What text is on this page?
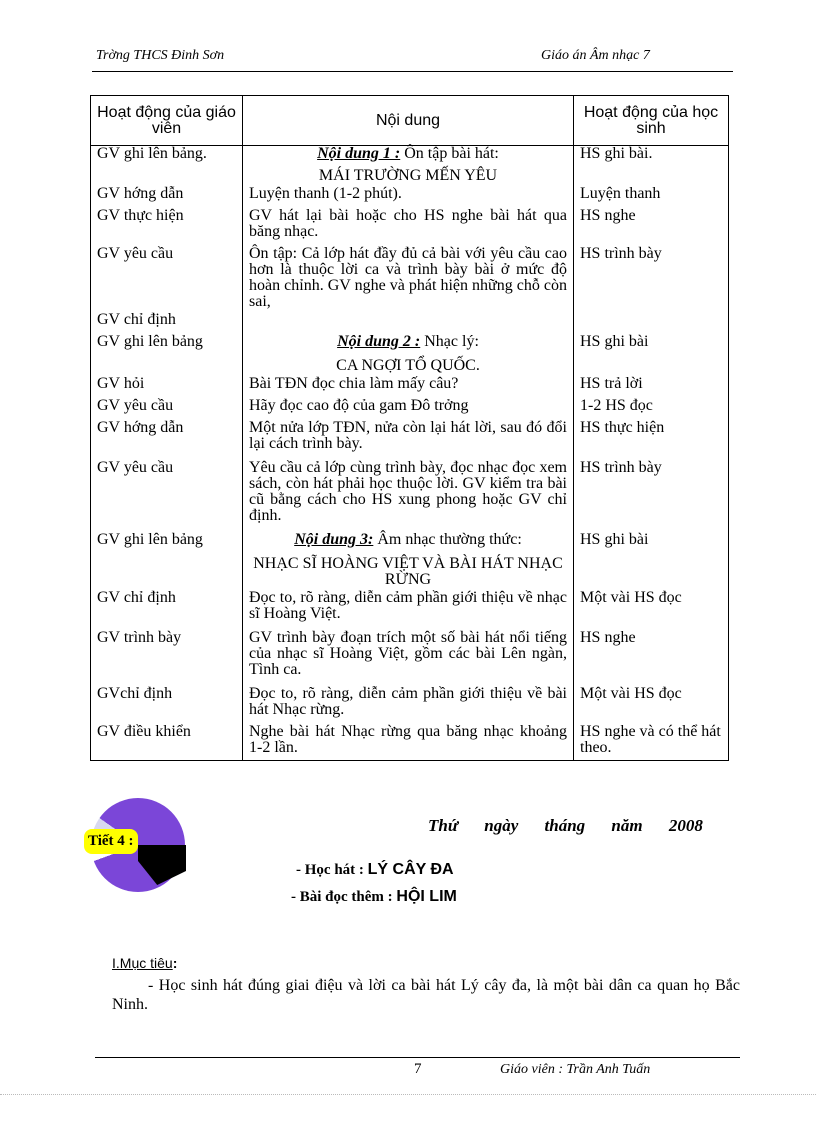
Trờng THCS Đinh Sơn	Giáo án Âm nhạc 7
Hoạt động của giáo viên	Nội dung	Hoạt động của học sinh
GV ghi lên bảng.	Nội dung 1 : Ôn tập bài hát:	HS ghi bài.
	MÁI TRƯỜNG MẾN YÊU	
GV hớng dẫn	Luyện thanh (1-2 phút).	Luyện thanh
GV thực hiện	GV hát lại bài hoặc cho HS nghe bài hát qua băng nhạc.	HS nghe
GV yêu cầu	Ôn tập: Cả lớp hát đầy đủ cả bài với yêu cầu cao hơn là thuộc lời ca và trình bày bài ở mức độ hoàn chỉnh. GV nghe và phát hiện những chỗ còn sai,	HS trình bày
GV chỉ định		
GV ghi lên bảng	Nội dung 2 : Nhạc lý:	HS ghi bài
	CA NGỢI TỔ QUỐC.	
GV hỏi	Bài TĐN đọc chia làm mấy câu?	HS trả lời
GV yêu cầu	Hãy đọc cao độ của gam Đô trởng	1-2 HS đọc
GV hớng dẫn	Một nửa lớp TĐN, nửa còn lại hát lời, sau đó đổi lại cách trình bày.	HS thực hiện
GV yêu cầu	Yêu cầu cả lớp cùng trình bày, đọc nhạc đọc xem sách, còn hát phải học thuộc lời. GV kiểm tra bài cũ bằng cách cho HS xung phong hoặc GV chỉ định.	HS trình bày
GV ghi lên bảng	Nội dung 3: Âm nhạc thường thức:	HS ghi bài
	NHẠC SĨ HOÀNG VIỆT VÀ BÀI HÁT NHẠC RỪNG	
GV chỉ định	Đọc to, rõ ràng, diễn cảm phần giới thiệu về nhạc sĩ Hoàng Việt.	Một vài HS đọc
GV trình bày	GV trình bày đoạn trích một số bài hát nổi tiếng của nhạc sĩ Hoàng Việt, gồm các bài Lên ngàn, Tình ca.	HS nghe
GVchỉ định	Đọc to, rõ ràng, diễn cảm phần giới thiệu về bài hát Nhạc rừng.	Một vài HS đọc
GV điều khiển	Nghe bài hát Nhạc rừng qua băng nhạc khoảng 1-2 lần.	HS nghe và có thể hát theo.
Tiết 4 :
Thứ ngày tháng năm 2008
- Học hát : LÝ CÂY ĐA
- Bài đọc thêm : HỘI LIM
I.Mục tiêu:
- Học sinh hát đúng giai điệu và lời ca bài hát Lý cây đa, là một bài dân ca quan họ Bắc Ninh.
7	Giáo viên : Trần Anh Tuấn
